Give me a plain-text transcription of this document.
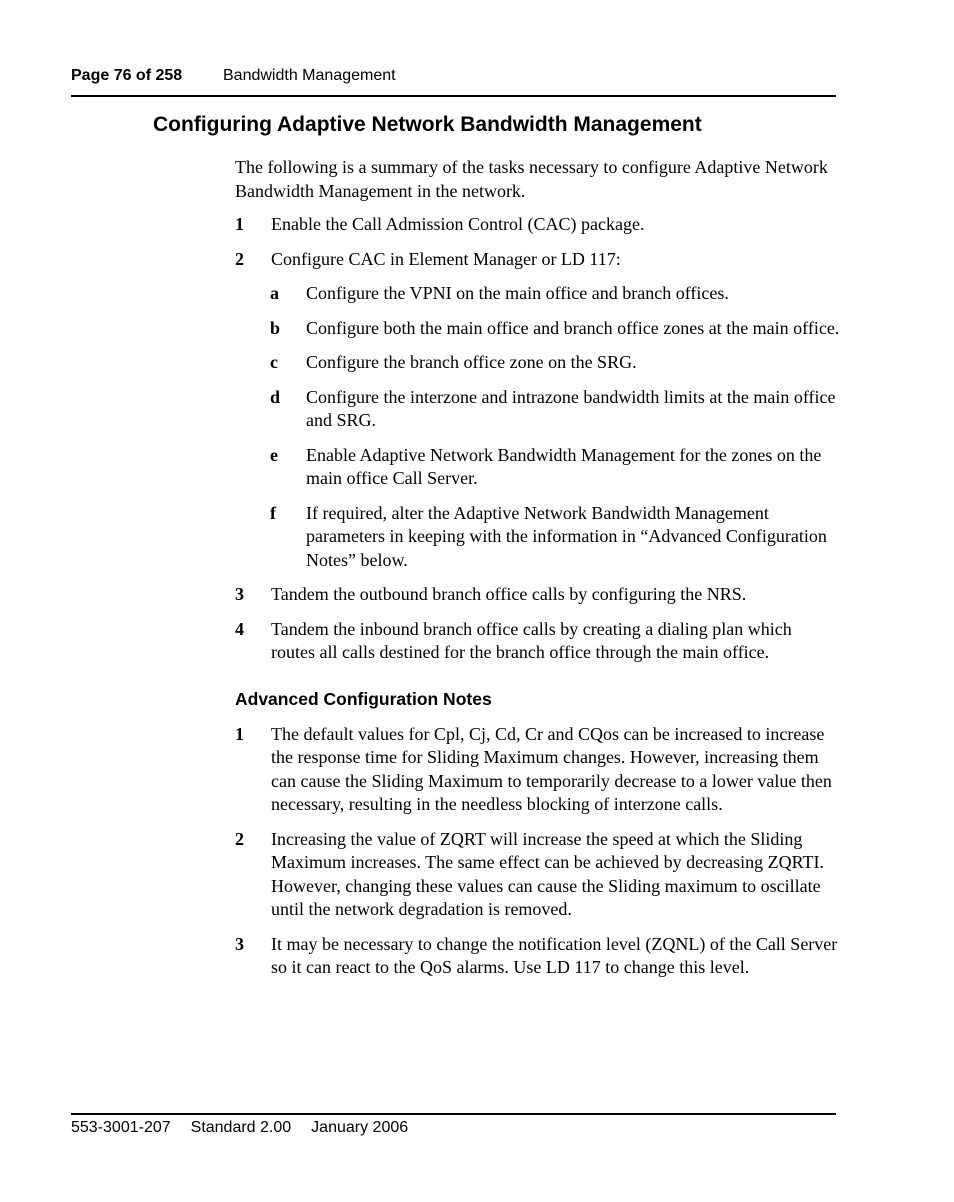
Page 76 of 258	Bandwidth Management
Configuring Adaptive Network Bandwidth Management

The following is a summary of the tasks necessary to configure Adaptive Network Bandwidth Management in the network.

1	Enable the Call Admission Control (CAC) package.
2	Configure CAC in Element Manager or LD 117:
a	Configure the VPNI on the main office and branch offices.
b	Configure both the main office and branch office zones at the main office.
c	Configure the branch office zone on the SRG.
d	Configure the interzone and intrazone bandwidth limits at the main office and SRG.
e	Enable Adaptive Network Bandwidth Management for the zones on the main office Call Server.
f	If required, alter the Adaptive Network Bandwidth Management parameters in keeping with the information in “Advanced Configuration Notes” below.
3	Tandem the outbound branch office calls by configuring the NRS.
4	Tandem the inbound branch office calls by creating a dialing plan which routes all calls destined for the branch office through the main office.
Advanced Configuration Notes
1	The default values for Cpl, Cj, Cd, Cr and CQos can be increased to increase the response time for Sliding Maximum changes. However, increasing them can cause the Sliding Maximum to temporarily decrease to a lower value then necessary, resulting in the needless blocking of interzone calls.
2	Increasing the value of ZQRT will increase the speed at which the Sliding Maximum increases. The same effect can be achieved by decreasing ZQRTI. However, changing these values can cause the Sliding maximum to oscillate until the network degradation is removed.
3	It may be necessary to change the notification level (ZQNL) of the Call Server so it can react to the QoS alarms. Use LD 117 to change this level.
553-3001-207 Standard 2.00 January 2006
